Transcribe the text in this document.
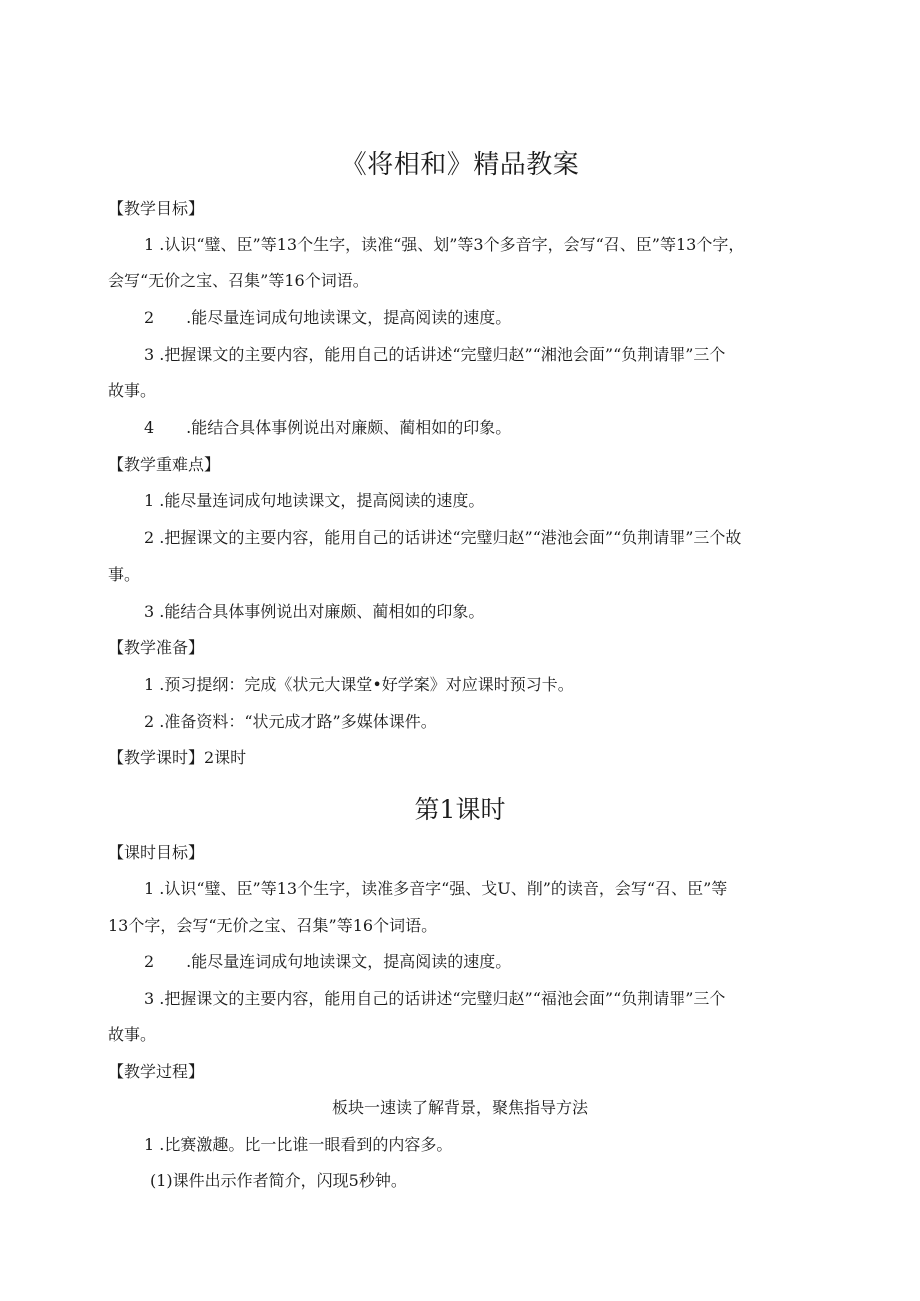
《将相和》精品教案
【教学目标】
1 .认识“璧、臣”等13个生字，读准“强、划”等3个多音字，会写“召、臣”等13个字，
会写“无价之宝、召集”等16个词语。
2　　.能尽量连词成句地读课文，提高阅读的速度。
3 .把握课文的主要内容，能用自己的话讲述“完璧归赵”“湘池会面”“负荆请罪”三个
故事。
4　　.能结合具体事例说出对廉颇、蔺相如的印象。
【教学重难点】
1 .能尽量连词成句地读课文，提高阅读的速度。
2 .把握课文的主要内容，能用自己的话讲述“完璧归赵”“港池会面”“负荆请罪”三个故
事。
3 .能结合具体事例说出对廉颇、蔺相如的印象。
【教学准备】
1 .预习提纲：完成《状元大课堂•好学案》对应课时预习卡。
2 .准备资料：“状元成才路”多媒体课件。
【教学课时】2课时
第1课时
【课时目标】
1 .认识“璧、臣”等13个生字，读准多音字“强、戈U、削”的读音，会写“召、臣”等
13个字，会写“无价之宝、召集”等16个词语。
2　　.能尽量连词成句地读课文，提高阅读的速度。
3 .把握课文的主要内容，能用自己的话讲述“完璧归赵”“福池会面”“负荆请罪”三个
故事。
【教学过程】
板块一速读了解背景，聚焦指导方法
1 .比赛激趣。比一比谁一眼看到的内容多。
(1)课件出示作者简介，闪现5秒钟。
